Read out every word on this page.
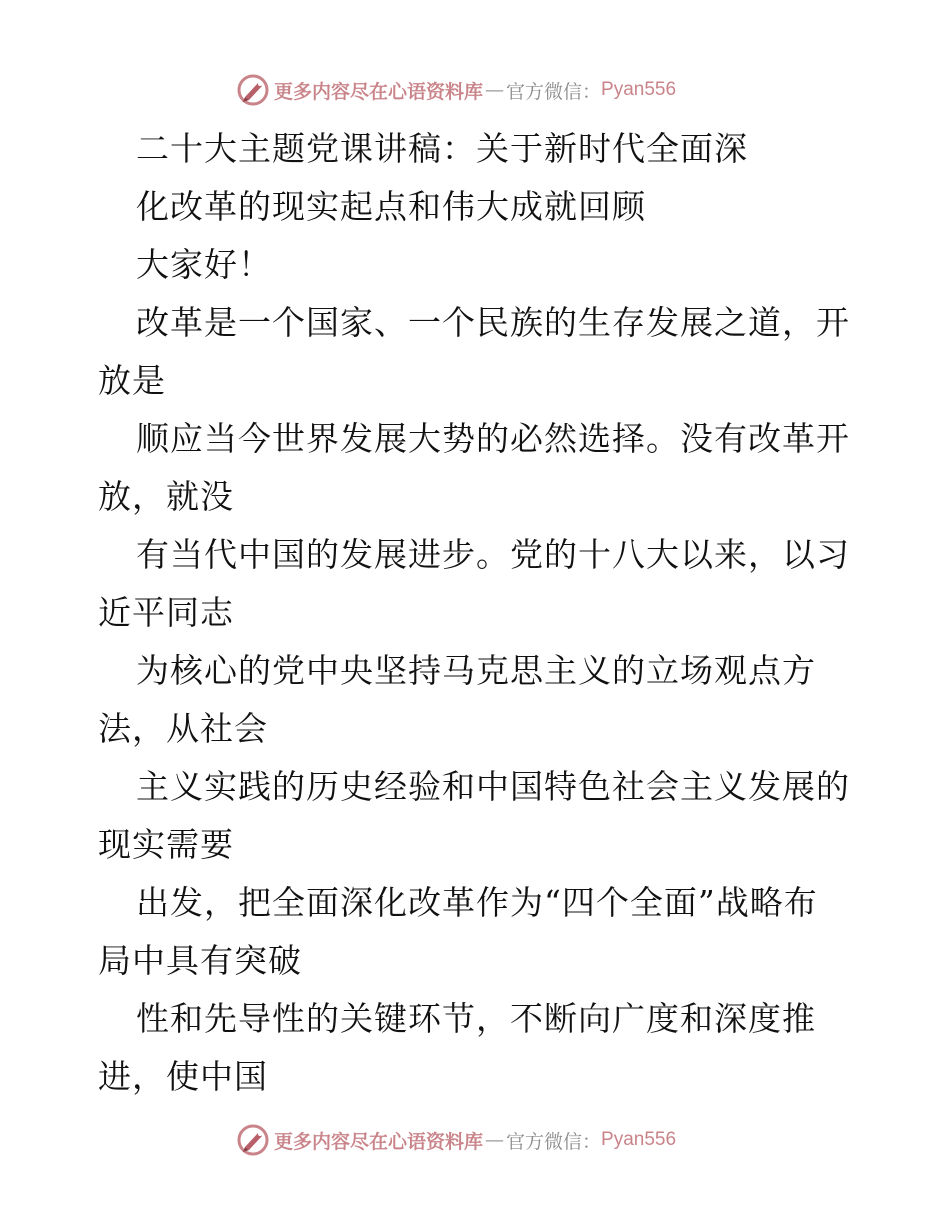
更多内容尽在心语资料库 — 官方微信： Pyan556
二十大主题党课讲稿：关于新时代全面深
化改革的现实起点和伟大成就回顾
大家好！
改革是一个国家、一个民族的生存发展之道，开
放是
顺应当今世界发展大势的必然选择。没有改革开
放，就没
有当代中国的发展进步。党的十八大以来，以习
近平同志
为核心的党中央坚持马克思主义的立场观点方
法，从社会
主义实践的历史经验和中国特色社会主义发展的
现实需要
出发，把全面深化改革作为“四个全面”战略布
局中具有突破
性和先导性的关键环节，不断向广度和深度推
进，使中国
更多内容尽在心语资料库 — 官方微信： Pyan556
